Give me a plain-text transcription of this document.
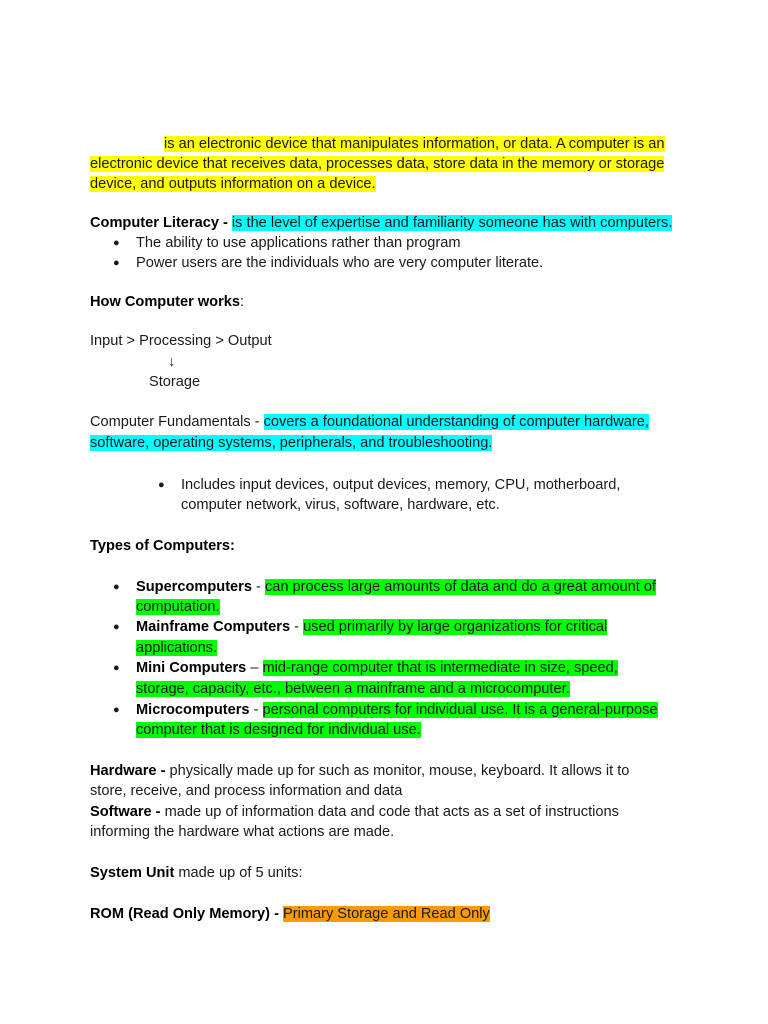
is an electronic device that manipulates information, or data. A computer is an
electronic device that receives data, processes data, store data in the memory or storage
device, and outputs information on a device.
Computer Literacy - is the level of expertise and familiarity someone has with computers.
● The ability to use applications rather than program
● Power users are the individuals who are very computer literate.
How Computer works:
Input > Processing > Output
↓
Storage
Computer Fundamentals - covers a foundational understanding of computer hardware,
software, operating systems, peripherals, and troubleshooting.
● Includes input devices, output devices, memory, CPU, motherboard,
computer network, virus, software, hardware, etc.
Types of Computers:
● Supercomputers - can process large amounts of data and do a great amount of
computation.
● Mainframe Computers - used primarily by large organizations for critical
applications.
● Mini Computers – mid-range computer that is intermediate in size, speed,
storage, capacity, etc., between a mainframe and a microcomputer.
● Microcomputers - personal computers for individual use. It is a general-purpose
computer that is designed for individual use.
Hardware - physically made up for such as monitor, mouse, keyboard. It allows it to
store, receive, and process information and data
Software - made up of information data and code that acts as a set of instructions
informing the hardware what actions are made.
System Unit made up of 5 units:
ROM (Read Only Memory) - Primary Storage and Read Only
